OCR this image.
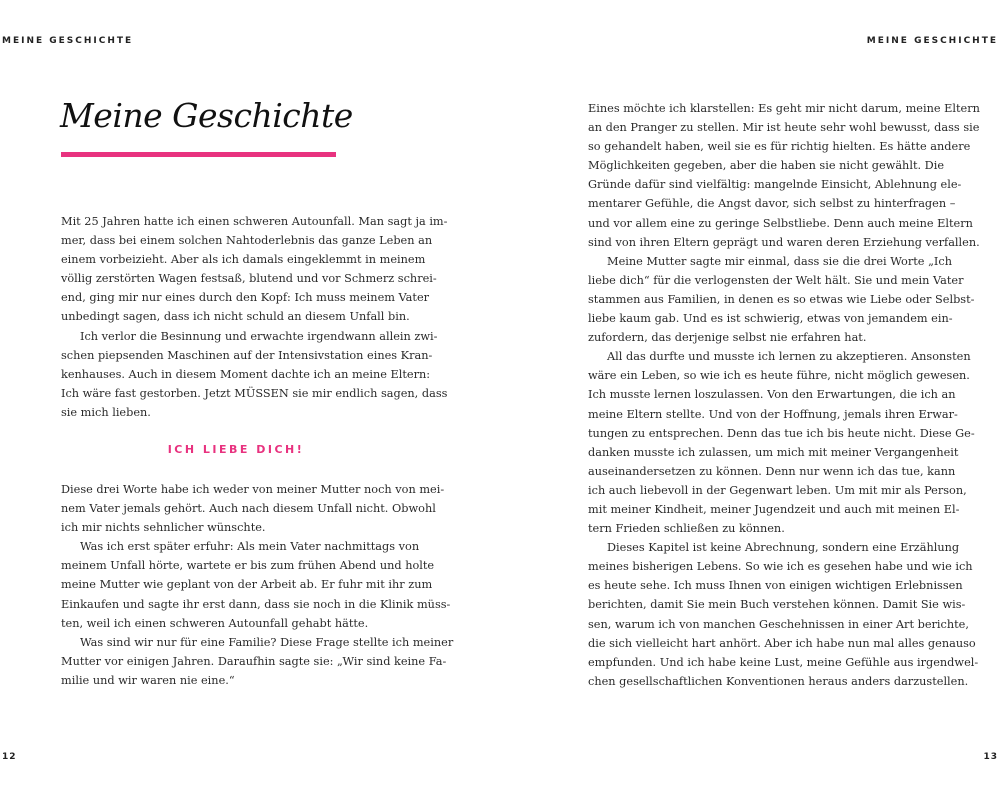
MEINE GESCHICHTE	MEINE GESCHICHTE
12	13
Meine Geschichte
Mit 25 Jahren hatte ich einen schweren Autounfall. Man sagt ja im-
mer, dass bei einem solchen Nahtoderlebnis das ganze Leben an
einem vorbeizieht. Aber als ich damals eingeklemmt in meinem
völlig zerstörten Wagen festsaß, blutend und vor Schmerz schrei-
end, ging mir nur eines durch den Kopf: Ich muss meinem Vater
unbedingt sagen, dass ich nicht schuld an diesem Unfall bin.
Ich verlor die Besinnung und erwachte irgendwann allein zwi-
schen piepsenden Maschinen auf der Intensivstation eines Kran-
kenhauses. Auch in diesem Moment dachte ich an meine Eltern:
Ich wäre fast gestorben. Jetzt MÜSSEN sie mir endlich sagen, dass
sie mich lieben.
ICH LIEBE DICH!
Diese drei Worte habe ich weder von meiner Mutter noch von mei-
nem Vater jemals gehört. Auch nach diesem Unfall nicht. Obwohl
ich mir nichts sehnlicher wünschte.
Was ich erst später erfuhr: Als mein Vater nachmittags von
meinem Unfall hörte, wartete er bis zum frühen Abend und holte
meine Mutter wie geplant von der Arbeit ab. Er fuhr mit ihr zum
Einkaufen und sagte ihr erst dann, dass sie noch in die Klinik müss-
ten, weil ich einen schweren Autounfall gehabt hätte.
Was sind wir nur für eine Familie? Diese Frage stellte ich meiner
Mutter vor einigen Jahren. Daraufhin sagte sie: „Wir sind keine Fa-
milie und wir waren nie eine.“
Eines möchte ich klarstellen: Es geht mir nicht darum, meine Eltern
an den Pranger zu stellen. Mir ist heute sehr wohl bewusst, dass sie
so gehandelt haben, weil sie es für richtig hielten. Es hätte andere
Möglichkeiten gegeben, aber die haben sie nicht gewählt. Die
Gründe dafür sind vielfältig: mangelnde Einsicht, Ablehnung ele-
mentarer Gefühle, die Angst davor, sich selbst zu hinterfragen –
und vor allem eine zu geringe Selbstliebe. Denn auch meine Eltern
sind von ihren Eltern geprägt und waren deren Erziehung verfallen.
Meine Mutter sagte mir einmal, dass sie die drei Worte „Ich
liebe dich“ für die verlogensten der Welt hält. Sie und mein Vater
stammen aus Familien, in denen es so etwas wie Liebe oder Selbst-
liebe kaum gab. Und es ist schwierig, etwas von jemandem ein-
zufordern, das derjenige selbst nie erfahren hat.
All das durfte und musste ich lernen zu akzeptieren. Ansonsten
wäre ein Leben, so wie ich es heute führe, nicht möglich gewesen.
Ich musste lernen loszulassen. Von den Erwartungen, die ich an
meine Eltern stellte. Und von der Hoffnung, jemals ihren Erwar-
tungen zu entsprechen. Denn das tue ich bis heute nicht. Diese Ge-
danken musste ich zulassen, um mich mit meiner Vergangenheit
auseinandersetzen zu können. Denn nur wenn ich das tue, kann
ich auch liebevoll in der Gegenwart leben. Um mit mir als Person,
mit meiner Kindheit, meiner Jugendzeit und auch mit meinen El-
tern Frieden schließen zu können.
Dieses Kapitel ist keine Abrechnung, sondern eine Erzählung
meines bisherigen Lebens. So wie ich es gesehen habe und wie ich
es heute sehe. Ich muss Ihnen von einigen wichtigen Erlebnissen
berichten, damit Sie mein Buch verstehen können. Damit Sie wis-
sen, warum ich von manchen Geschehnissen in einer Art berichte,
die sich vielleicht hart anhört. Aber ich habe nun mal alles genauso
empfunden. Und ich habe keine Lust, meine Gefühle aus irgendwel-
chen gesellschaftlichen Konventionen heraus anders darzustellen.
